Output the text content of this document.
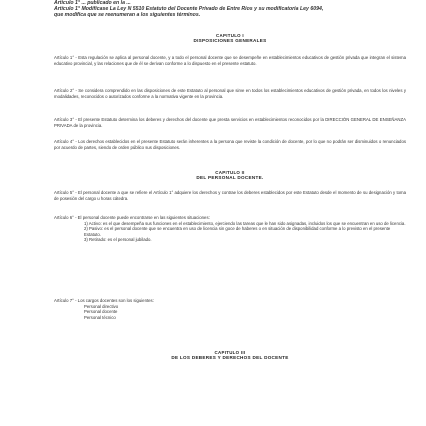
Articulo 1° ... publicado en la ...
Artículo 1° Modifícase La Ley N 5510 Estatuto del Docente Privado de Entre Ríos y su modificatoria Ley 6094,
que modifica que se reenumeran a los siguientes términos.
CAPITULO I
DISPOSICIONES GENERALES
Artículo 1° - Esta regulación se aplica al personal docente, y a todo el personal docente que se desempeñe en establecimientos educativos de gestión privada que integran el sistema educativo provincial, y las relaciones que de él se derivan conforme a lo dispuesto en el presente estatuto.
Artículo 2° - Se considera comprendido en las disposiciones de este Estatuto al personal que sirve en todos los establecimientos educativos de gestión privada, en todos los niveles y modalidades, reconocidos o autorizados conforme a la normativa vigente en la provincia.
Artículo 3° - El presente Estatuto determina los deberes y derechos del docente que presta servicios en establecimientos reconocidos por la DIRECCIÓN GENERAL DE ENSEÑANZA PRIVADA de la provincia.
Artículo 4° - Los derechos establecidos en el presente Estatuto serán inherentes a la persona que reviste la condición de docente, por lo que no podrán ser disminuidos o renunciados por acuerdo de partes, siendo de orden público sus disposiciones.
CAPITULO II
DEL PERSONAL DOCENTE.
Artículo 5° - El personal docente a que se refiere el Artículo 1° adquiere los derechos y contrae los deberes establecidos por este Estatuto desde el momento de su designación y toma de posesión del cargo u horas cátedra.
Artículo 6° - El personal docente puede encontrarse en las siguientes situaciones:
1) Activo: es el que desempeña sus funciones en el establecimiento, ejerciendo las tareas que le han sido asignadas, incluidos los que se encuentran en uso de licencia.
2) Pasivo: es el personal docente que se encuentra en uso de licencia sin goce de haberes o en situación de disponibilidad conforme a lo previsto en el presente Estatuto.
3) Retirado: es el personal jubilado.
Artículo 7° - Los cargos docentes son los siguientes:
Personal directivo
Personal docente
Personal técnico
CAPITULO III
DE LOS DEBERES Y DERECHOS DEL DOCENTE
